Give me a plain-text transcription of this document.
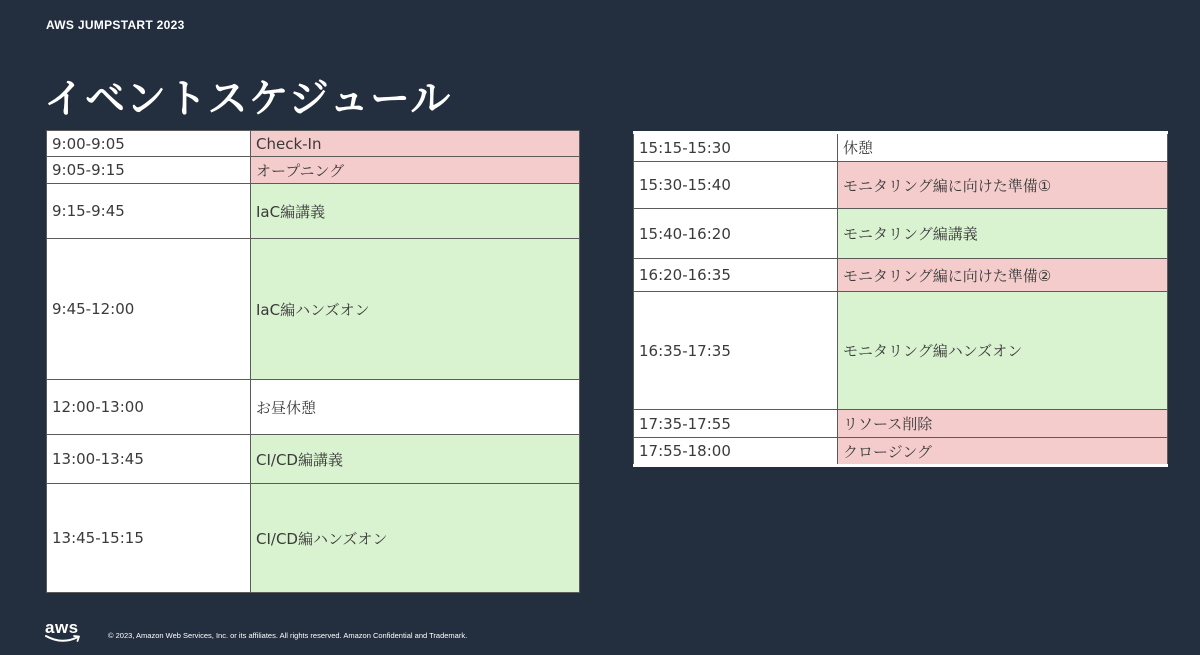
AWS JUMPSTART 2023
イベントスケジュール
9:00-9:05	Check-In
9:05-9:15	オープニング
9:15-9:45	IaC編講義
9:45-12:00	IaC編ハンズオン
12:00-13:00	お昼休憩
13:00-13:45	CI/CD編講義
13:45-15:15	CI/CD編ハンズオン
15:15-15:30	休憩
15:30-15:40	モニタリング編に向けた準備①
15:40-16:20	モニタリング編講義
16:20-16:35	モニタリング編に向けた準備②
16:35-17:35	モニタリング編ハンズオン
17:35-17:55	リソース削除
17:55-18:00	クロージング
aws	© 2023, Amazon Web Services, Inc. or its affiliates. All rights reserved. Amazon Confidential and Trademark.
